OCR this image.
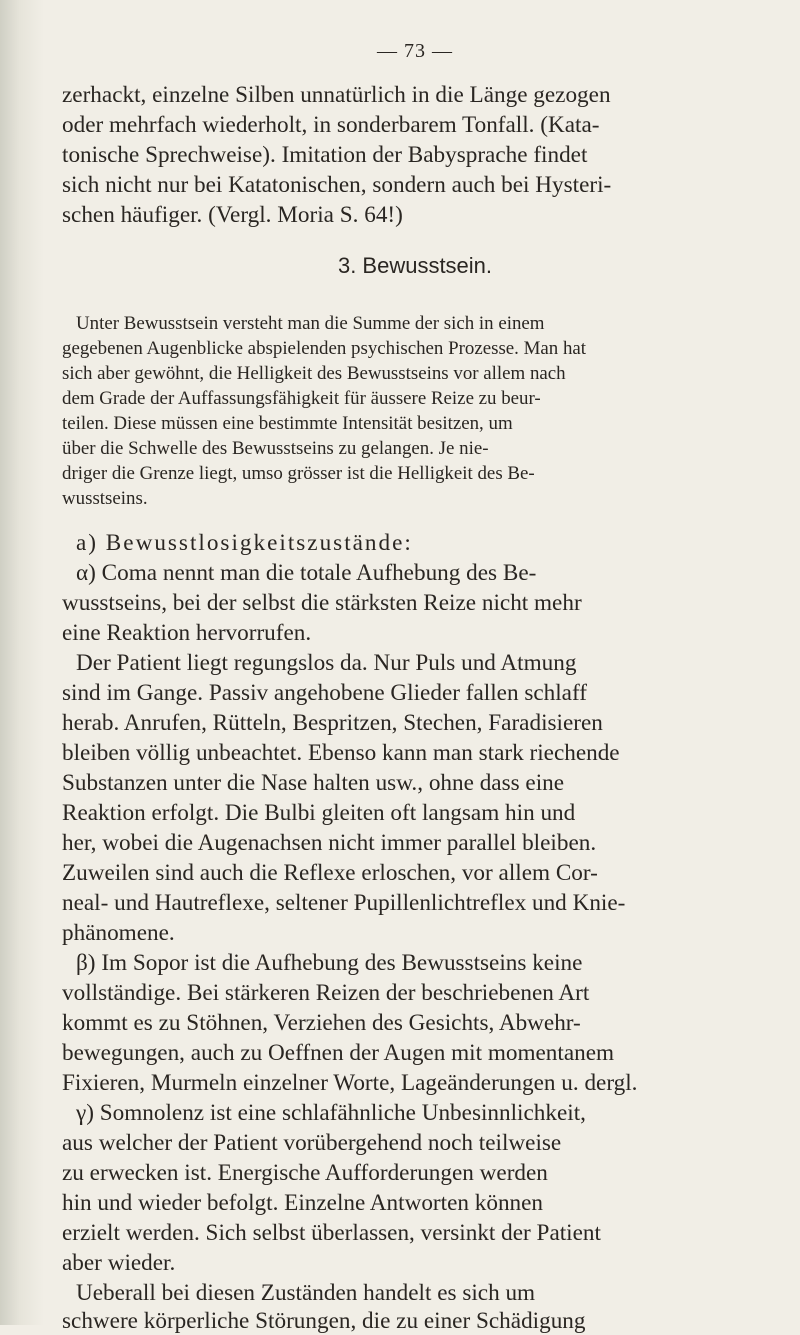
— 73 —
zerhackt, einzelne Silben unnatürlich in die Länge gezogen
oder mehrfach wiederholt, in sonderbarem Tonfall. (Kata-
tonische Sprechweise). Imitation der Babysprache findet
sich nicht nur bei Katatonischen, sondern auch bei Hysteri-
schen häufiger. (Vergl. Moria S. 64!)
3. Bewusstsein.
Unter Bewusstsein versteht man die Summe der sich in einem
gegebenen Augenblicke abspielenden psychischen Prozesse. Man hat
sich aber gewöhnt, die Helligkeit des Bewusstseins vor allem nach
dem Grade der Auffassungsfähigkeit für äussere Reize zu beur-
teilen. Diese müssen eine bestimmte Intensität besitzen, um
über die Schwelle des Bewusstseins zu gelangen. Je nie-
driger die Grenze liegt, umso grösser ist die Helligkeit des Be-
wusstseins.
a) Bewusstlosigkeitszustände:
α) Coma nennt man die totale Aufhebung des Be-
wusstseins, bei der selbst die stärksten Reize nicht mehr
eine Reaktion hervorrufen.
Der Patient liegt regungslos da. Nur Puls und Atmung
sind im Gange. Passiv angehobene Glieder fallen schlaff
herab. Anrufen, Rütteln, Bespritzen, Stechen, Faradisieren
bleiben völlig unbeachtet. Ebenso kann man stark riechende
Substanzen unter die Nase halten usw., ohne dass eine
Reaktion erfolgt. Die Bulbi gleiten oft langsam hin und
her, wobei die Augenachsen nicht immer parallel bleiben.
Zuweilen sind auch die Reflexe erloschen, vor allem Cor-
neal- und Hautreflexe, seltener Pupillenlichtreflex und Knie-
phänomene.
β) Im Sopor ist die Aufhebung des Bewusstseins keine
vollständige. Bei stärkeren Reizen der beschriebenen Art
kommt es zu Stöhnen, Verziehen des Gesichts, Abwehr-
bewegungen, auch zu Oeffnen der Augen mit momentanem
Fixieren, Murmeln einzelner Worte, Lageänderungen u. dergl.
γ) Somnolenz ist eine schlafähnliche Unbesinnlichkeit,
aus welcher der Patient vorübergehend noch teilweise
zu erwecken ist. Energische Aufforderungen werden
hin und wieder befolgt. Einzelne Antworten können
erzielt werden. Sich selbst überlassen, versinkt der Patient
aber wieder.
Ueberall bei diesen Zuständen handelt es sich um
schwere körperliche Störungen, die zu einer Schädigung
